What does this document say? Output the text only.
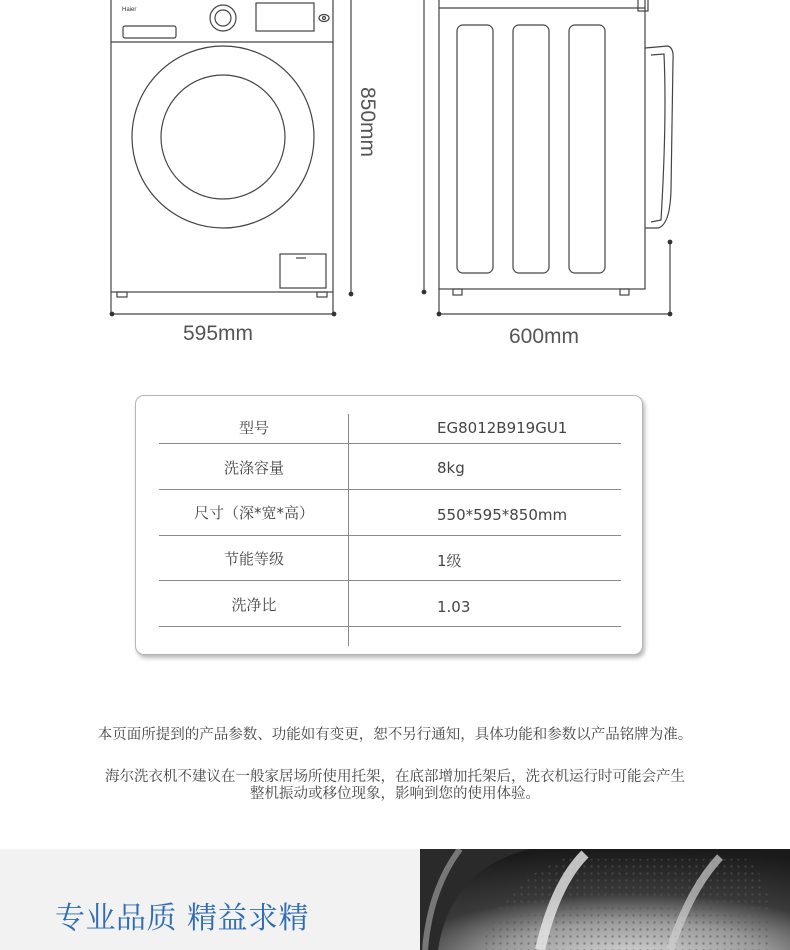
Haier
595mm	600mm
850mm
型号	EG8012B919GU1
洗涤容量	8kg
尺寸（深*宽*高）	550*595*850mm
节能等级	1级
洗净比	1.03
本页面所提到的产品参数、功能如有变更，恕不另行通知，具体功能和参数以产品铭牌为准。
海尔洗衣机不建议在一般家居场所使用托架，在底部增加托架后，洗衣机运行时可能会产生
整机振动或移位现象，影响到您的使用体验。
专业品质 精益求精
